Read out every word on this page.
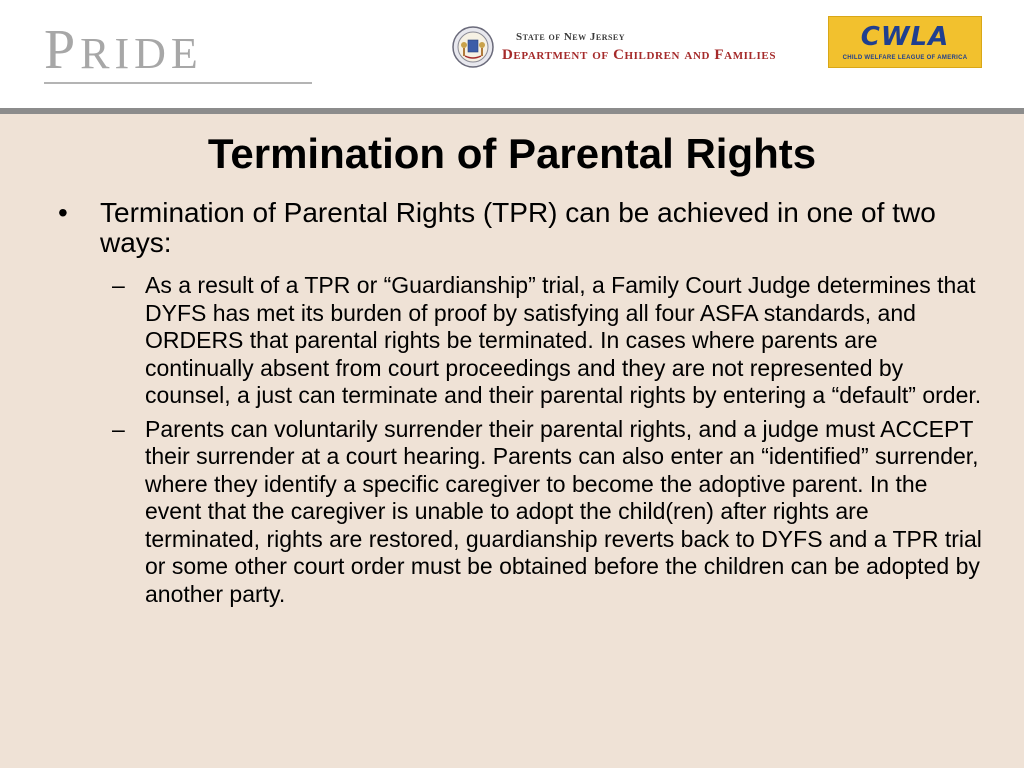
PRIDE	State of New Jersey
Department of Children and Families
CWLA
CHILD WELFARE LEAGUE OF AMERICA
Termination of Parental Rights
• Termination of Parental Rights (TPR) can be achieved in one of two ways:
– As a result of a TPR or “Guardianship” trial, a Family Court Judge determines that DYFS has met its burden of proof by satisfying all four ASFA standards, and ORDERS that parental rights be terminated. In cases where parents are continually absent from court proceedings and they are not represented by counsel, a just can terminate and their parental rights by entering a “default” order.
– Parents can voluntarily surrender their parental rights, and a judge must ACCEPT their surrender at a court hearing. Parents can also enter an “identified” surrender, where they identify a specific caregiver to become the adoptive parent. In the event that the caregiver is unable to adopt the child(ren) after rights are terminated, rights are restored, guardianship reverts back to DYFS and a TPR trial or some other court order must be obtained before the children can be adopted by another party.
